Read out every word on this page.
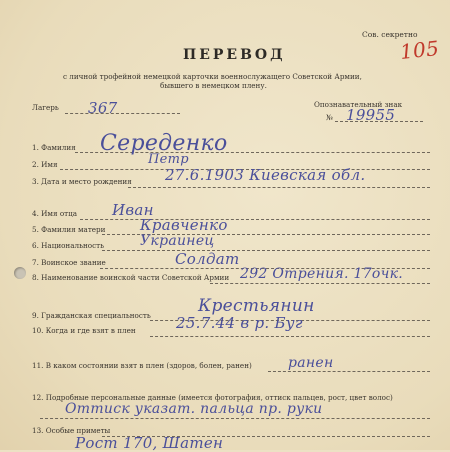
Сов. секретно
105
ПЕРЕВОД
с личной трофейной немецкой карточки военнослужащего Советской Армии,
бывшего в немецком плену.
Лагерь 367	Опознавательный знак
№ 19955
1. Фамилия Середенко
2. Имя	Петр
3. Дата и место рождения 27.6.1903 Киевская обл.
4. Имя отца Иван
5. Фамилия матери Кравченко
6. Национальность	Украинец
7. Воинское звание	Солдат
8. Наименование воинской части Советской Армии 292 Отрения. 17очк.
9. Гражданская специальность	Крестьянин
10. Когда и где взят в плен	25.7.44 в р. Буг
11. В каком состоянии взят в плен (здоров, болен, ранен)	ранен
12. Подробные персональные данные (имеется фотография, оттиск пальцев, рост, цвет волос)
Оттиск указат. пальца пр. руки
13. Особые приметы
Рост 170, Шатен
